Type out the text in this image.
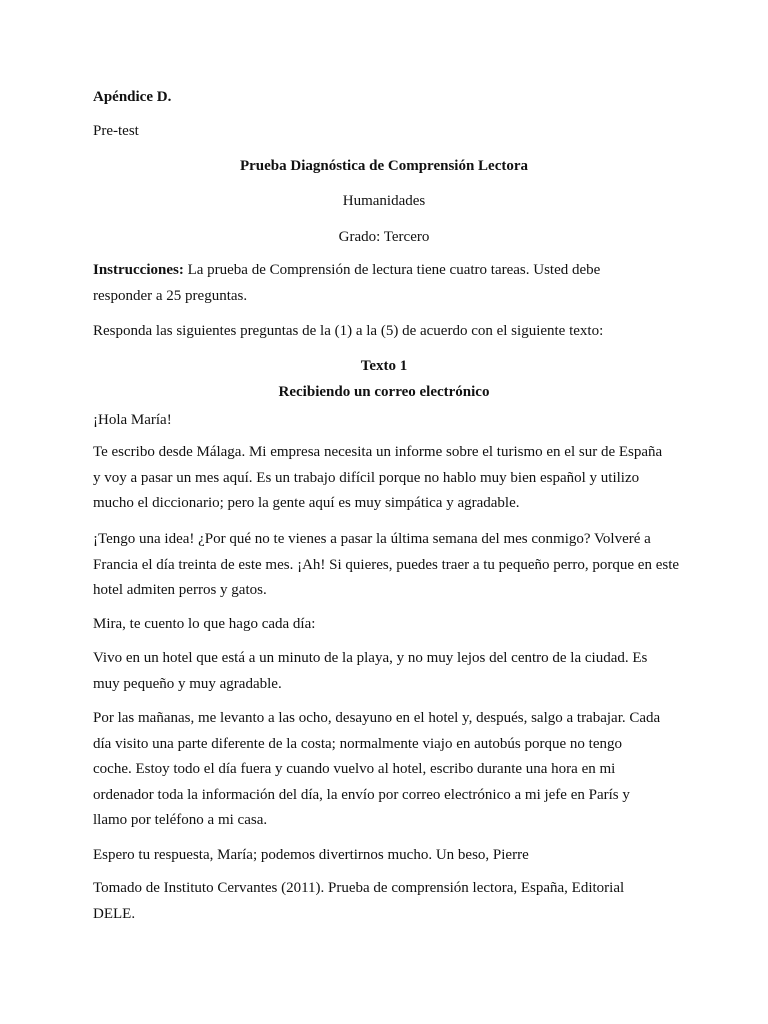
Apéndice D.
Pre-test
Prueba Diagnóstica de Comprensión Lectora
Humanidades
Grado: Tercero
Instrucciones: La prueba de Comprensión de lectura tiene cuatro tareas. Usted debe responder a 25 preguntas.
Responda las siguientes preguntas de la (1) a la (5) de acuerdo con el siguiente texto:
Texto 1
Recibiendo un correo electrónico
¡Hola María!
Te escribo desde Málaga. Mi empresa necesita un informe sobre el turismo en el sur de España y voy a pasar un mes aquí. Es un trabajo difícil porque no hablo muy bien español y utilizo mucho el diccionario; pero la gente aquí es muy simpática y agradable.
¡Tengo una idea! ¿Por qué no te vienes a pasar la última semana del mes conmigo? Volveré a Francia el día treinta de este mes. ¡Ah! Si quieres, puedes traer a tu pequeño perro, porque en este hotel admiten perros y gatos.
Mira, te cuento lo que hago cada día:
Vivo en un hotel que está a un minuto de la playa, y no muy lejos del centro de la ciudad. Es muy pequeño y muy agradable.
Por las mañanas, me levanto a las ocho, desayuno en el hotel y, después, salgo a trabajar. Cada día visito una parte diferente de la costa; normalmente viajo en autobús porque no tengo coche. Estoy todo el día fuera y cuando vuelvo al hotel, escribo durante una hora en mi ordenador toda la información del día, la envío por correo electrónico a mi jefe en París y llamo por teléfono a mi casa.
Espero tu respuesta, María; podemos divertirnos mucho. Un beso, Pierre
Tomado de Instituto Cervantes (2011). Prueba de comprensión lectora, España, Editorial DELE.
